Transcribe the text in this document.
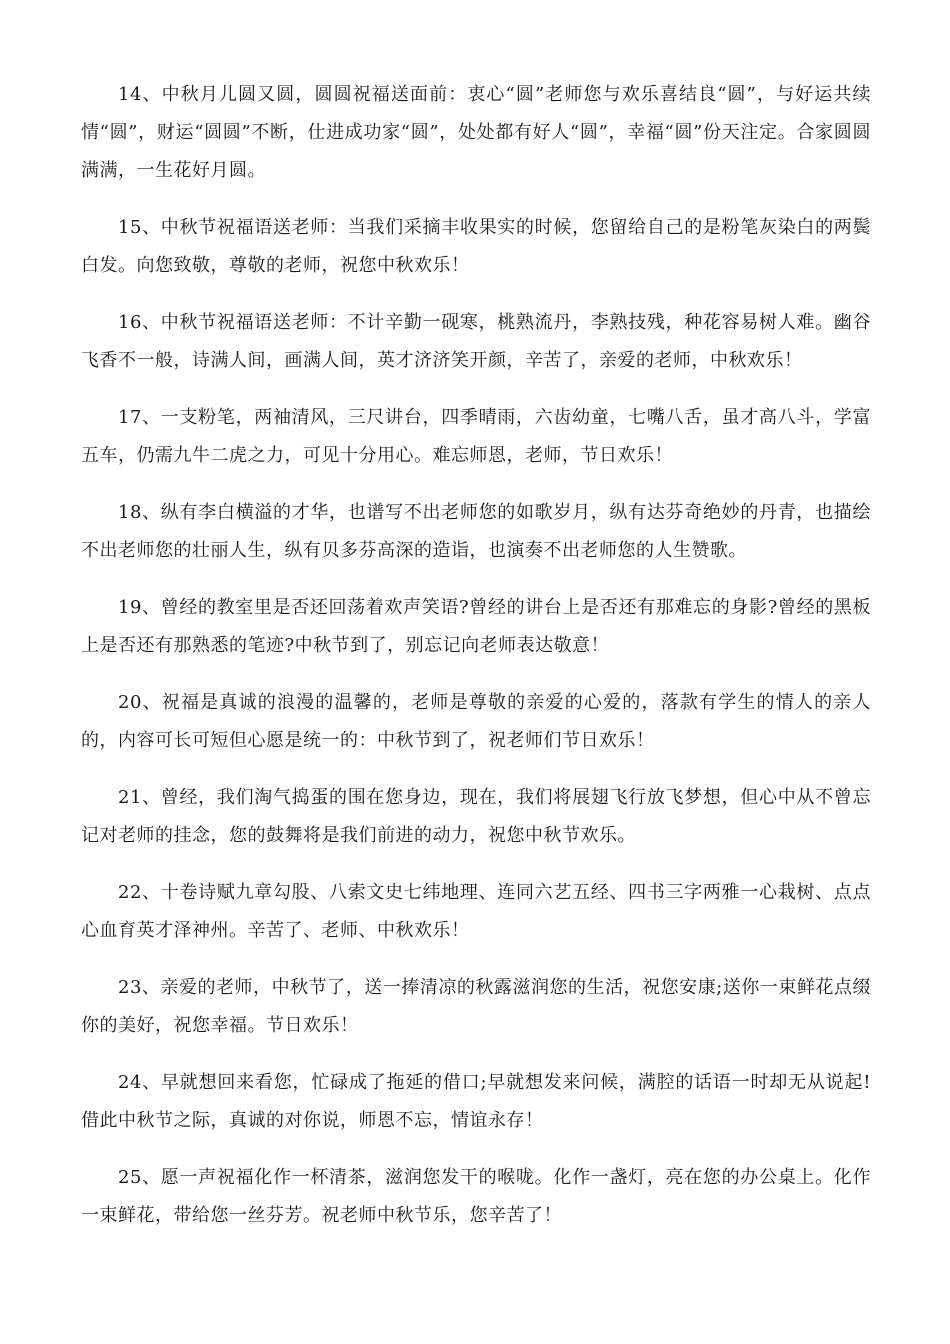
14、中秋月儿圆又圆，圆圆祝福送面前：衷心“圆”老师您与欢乐喜结良“圆”，与好运共续情“圆”，财运“圆圆”不断，仕进成功家“圆”，处处都有好人“圆”，幸福“圆”份天注定。合家圆圆满满，一生花好月圆。

15、中秋节祝福语送老师：当我们采摘丰收果实的时候，您留给自己的是粉笔灰染白的两鬓白发。向您致敬，尊敬的老师，祝您中秋欢乐！

16、中秋节祝福语送老师：不计辛勤一砚寒，桃熟流丹，李熟技残，种花容易树人难。幽谷飞香不一般，诗满人间，画满人间，英才济济笑开颜，辛苦了，亲爱的老师，中秋欢乐！

17、一支粉笔，两袖清风，三尺讲台，四季晴雨，六齿幼童，七嘴八舌，虽才高八斗，学富五车，仍需九牛二虎之力，可见十分用心。难忘师恩，老师，节日欢乐！

18、纵有李白横溢的才华，也谱写不出老师您的如歌岁月，纵有达芬奇绝妙的丹青，也描绘不出老师您的壮丽人生，纵有贝多芬高深的造诣，也演奏不出老师您的人生赞歌。

19、曾经的教室里是否还回荡着欢声笑语?曾经的讲台上是否还有那难忘的身影?曾经的黑板上是否还有那熟悉的笔迹?中秋节到了，别忘记向老师表达敬意！

20、祝福是真诚的浪漫的温馨的，老师是尊敬的亲爱的心爱的，落款有学生的情人的亲人的，内容可长可短但心愿是统一的：中秋节到了，祝老师们节日欢乐！

21、曾经，我们淘气捣蛋的围在您身边，现在，我们将展翅飞行放飞梦想，但心中从不曾忘记对老师的挂念，您的鼓舞将是我们前进的动力，祝您中秋节欢乐。

22、十卷诗赋九章勾股、八索文史七纬地理、连同六艺五经、四书三字两雅一心栽树、点点心血育英才泽神州。辛苦了、老师、中秋欢乐！

23、亲爱的老师，中秋节了，送一捧清凉的秋露滋润您的生活，祝您安康;送你一束鲜花点缀你的美好，祝您幸福。节日欢乐！

24、早就想回来看您，忙碌成了拖延的借口;早就想发来问候，满腔的话语一时却无从说起!借此中秋节之际，真诚的对你说，师恩不忘，情谊永存！

25、愿一声祝福化作一杯清茶，滋润您发干的喉咙。化作一盏灯，亮在您的办公桌上。化作一束鲜花，带给您一丝芬芳。祝老师中秋节乐，您辛苦了！
